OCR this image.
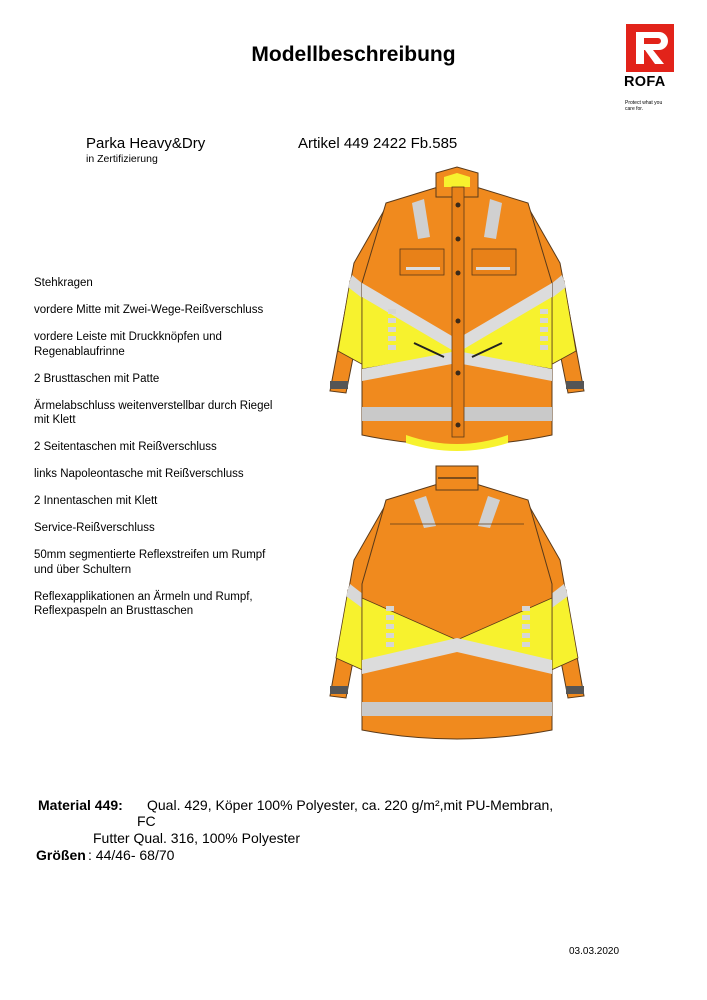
Modellbeschreibung
ROFA
Protect what you
care for.
Parka Heavy&Dry
in Zertifizierung
Artikel 449 2422 Fb.585
Stehkragen
vordere Mitte mit Zwei-Wege-Reißverschluss
vordere Leiste mit Druckknöpfen und Regenablaufrinne
2 Brusttaschen mit Patte
Ärmelabschluss weitenverstellbar durch Riegel mit Klett
2 Seitentaschen mit Reißverschluss
links Napoleontasche mit Reißverschluss
2 Innentaschen mit Klett
Service-Reißverschluss
50mm segmentierte Reflexstreifen um Rumpf und über Schultern
Reflexapplikationen an Ärmeln und Rumpf, Reflexpaspeln an Brusttaschen
Material 449: Qual. 429, Köper 100% Polyester, ca. 220 g/m²,mit PU-Membran,
FC
Futter Qual. 316, 100% Polyester
Größen : 44/46- 68/70
03.03.2020
